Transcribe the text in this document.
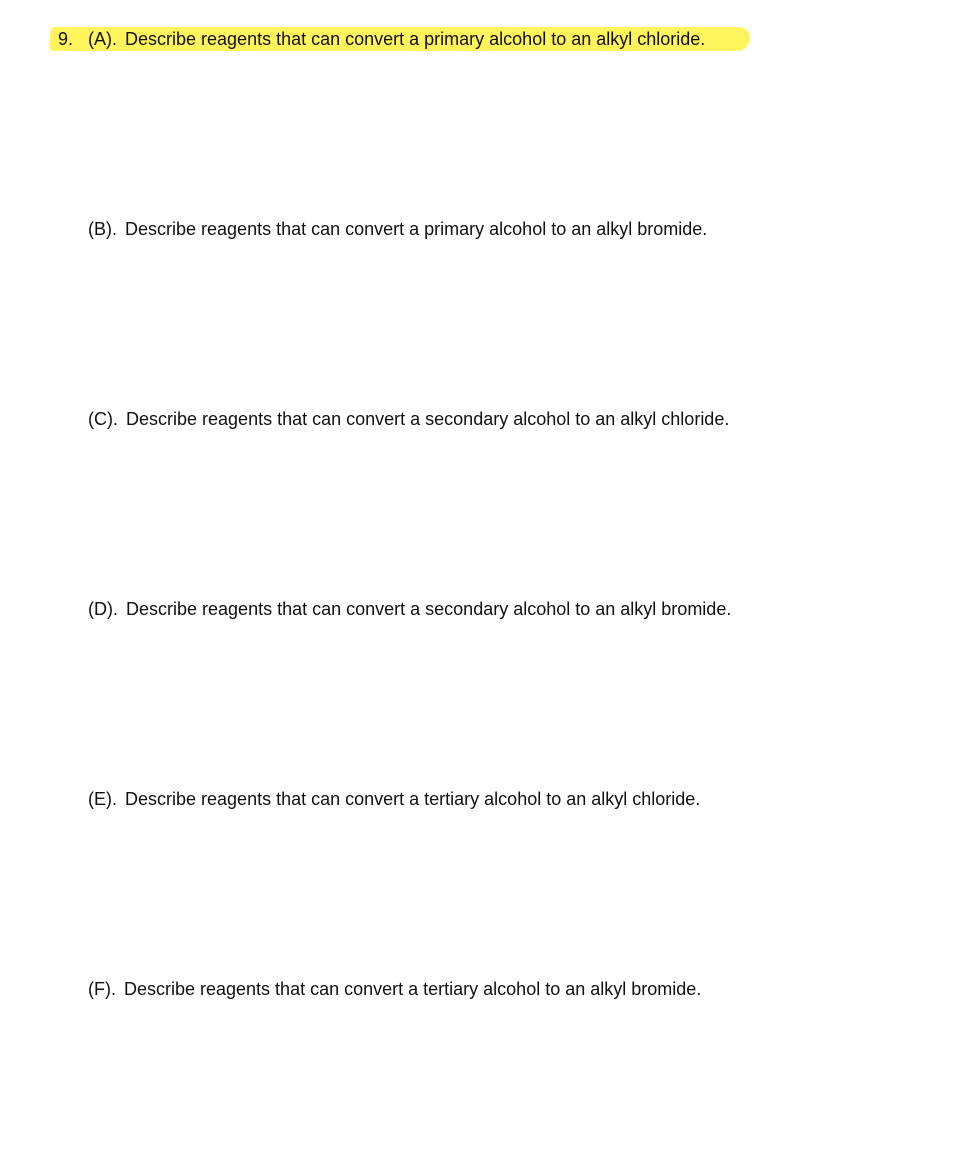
9. (A). Describe reagents that can convert a primary alcohol to an alkyl chloride.
(B). Describe reagents that can convert a primary alcohol to an alkyl bromide.
(C). Describe reagents that can convert a secondary alcohol to an alkyl chloride.
(D). Describe reagents that can convert a secondary alcohol to an alkyl bromide.
(E). Describe reagents that can convert a tertiary alcohol to an alkyl chloride.
(F). Describe reagents that can convert a tertiary alcohol to an alkyl bromide.
